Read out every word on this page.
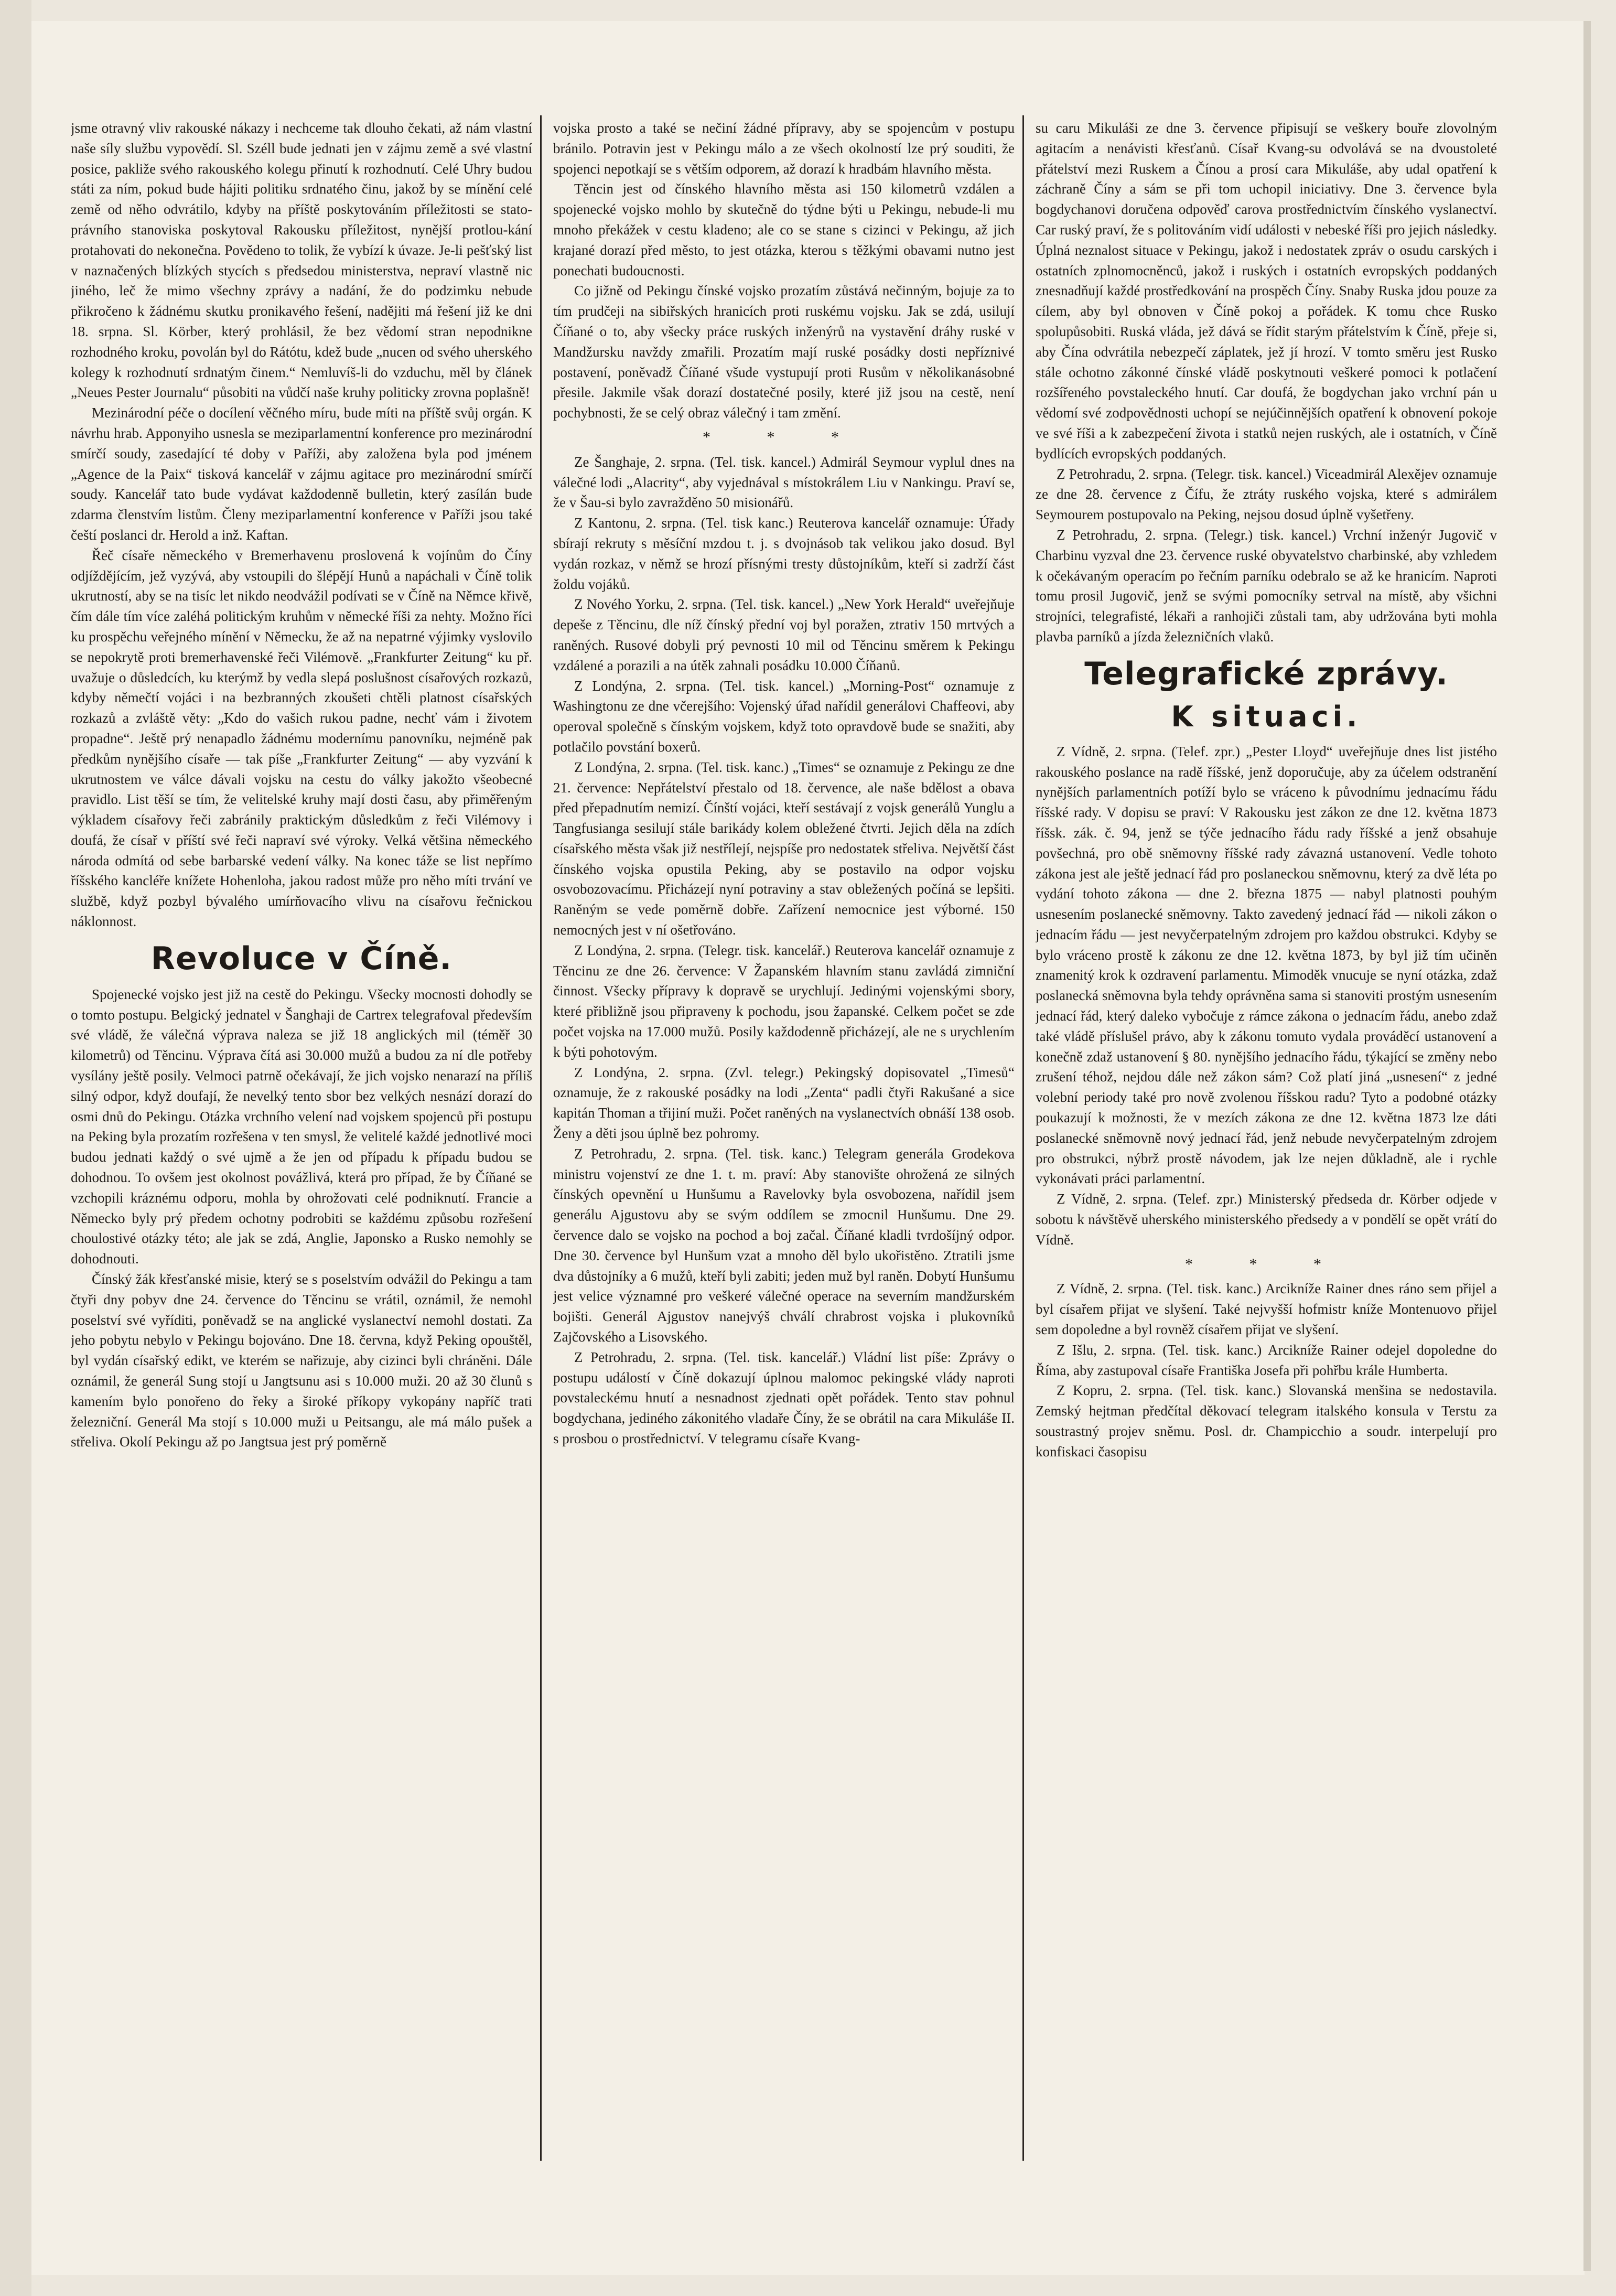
jsme otravný vliv rakouské nákazy i nechceme tak dlouho čekati, až nám vlastní naše síly službu vypovědí. Sl. Széll bude jednati jen v zájmu země a své vlastní posice, pakliže svého rakouského kolegu přinutí k rozhodnutí. Celé Uhry budou státi za ním, pokud bude hájiti politiku srdnatého činu, jakož by se mínění celé země od něho odvrátilo, kdyby na příště poskytováním příležitosti se stato-právního stanoviska poskytoval Rakousku příležitost, nynější protlou-kání protahovati do nekonečna. Povědeno to tolik, že vybízí k úvaze. Je-li pešťský list v naznačených blízkých stycích s předsedou ministerstva, nepraví vlastně nic jiného, leč že mimo všechny zprávy a nadání, že do podzimku nebude přikročeno k žádnému skutku pronikavého řešení, nadějiti má řešení již ke dni 18. srpna. Sl. Körber, který prohlásil, že bez vědomí stran nepodnikne rozhodného kroku, povolán byl do Rátótu, kdež bude „nucen od svého uherského kolegy k rozhodnutí srdnatým činem.“ Nemluvíš-li do vzduchu, měl by článek „Neues Pester Journalu“ působiti na vůdčí naše kruhy politicky zrovna poplašně!

Mezinárodní péče o docílení věčného míru, bude míti na příště svůj orgán. K návrhu hrab. Apponyiho usnesla se meziparlamentní konference pro mezinárodní smírčí soudy, zasedající té doby v Paříži, aby založena byla pod jménem „Agence de la Paix“ tisková kancelář v zájmu agitace pro mezinárodní smírčí soudy. Kancelář tato bude vydávat každodenně bulletin, který zasílán bude zdarma členstvím listům. Členy meziparlamentní konference v Paříži jsou také čeští poslanci dr. Herold a inž. Kaftan.

Řeč císaře německého v Bremerhavenu proslovená k vojínům do Číny odjíždějícím, jež vyzývá, aby vstoupili do šlépějí Hunů a napáchali v Číně tolik ukrutností, aby se na tisíc let nikdo neodvážil podívati se v Číně na Němce křivě, čím dále tím více zaléhá politickým kruhům v německé říši za nehty. Možno říci ku prospěchu veřejného mínění v Německu, že až na nepatrné výjimky vyslovilo se nepokrytě proti bremerhavenské řeči Vilémově. „Frankfurter Zeitung“ ku př. uvažuje o důsledcích, ku kterýmž by vedla slepá poslušnost císařových rozkazů, kdyby němečtí vojáci i na bezbranných zkoušeti chtěli platnost císařských rozkazů a zvláště věty: „Kdo do vašich rukou padne, nechť vám i životem propadne“. Ještě prý nenapadlo žádnému modernímu panovníku, nejméně pak předkům nynějšího císaře — tak píše „Frankfurter Zeitung“ — aby vyzvání k ukrutnostem ve válce dávali vojsku na cestu do války jakožto všeobecné pravidlo. List těší se tím, že velitelské kruhy mají dosti času, aby přiměřeným výkladem císařovy řeči zabránily praktickým důsledkům z řeči Vilémovy i doufá, že císař v příští své řeči napraví své výroky. Velká většina německého národa odmítá od sebe barbarské vedení války. Na konec táže se list nepřímo říšského kancléře knížete Hohenloha, jakou radost může pro něho míti trvání ve službě, když pozbyl bývalého umírňovacího vlivu na císařovu řečnickou náklonnost.

Revoluce v Číně.

Spojenecké vojsko jest již na cestě do Pekingu. Všecky mocnosti dohodly se o tomto postupu. Belgický jednatel v Šanghaji de Cartrex telegrafoval především své vládě, že válečná výprava naleza se již 18 anglických mil (téměř 30 kilometrů) od Těncinu. Výprava čítá asi 30.000 mužů a budou za ní dle potřeby vysílány ještě posily. Velmoci patrně očekávají, že jich vojsko nenarazí na příliš silný odpor, když doufají, že nevelký tento sbor bez velkých nesnází dorazí do osmi dnů do Pekingu. Otázka vrchního velení nad vojskem spojenců při postupu na Peking byla prozatím rozřešena v ten smysl, že velitelé každé jednotlivé moci budou jednati každý o své ujmě a že jen od případu k případu budou se dohodnou. To ovšem jest okolnost povážlivá, která pro případ, že by Číňané se vzchopili kráznému odporu, mohla by ohrožovati celé podniknutí. Francie a Německo byly prý předem ochotny podrobiti se každému způsobu rozřešení choulostivé otázky této; ale jak se zdá, Anglie, Japonsko a Rusko nemohly se dohodnouti.

Čínský žák křesťanské misie, který se s poselstvím odvážil do Pekingu a tam čtyři dny pobyv dne 24. července do Těncinu se vrátil, oznámil, že nemohl poselství své vyříditi, poněvadž se na anglické vyslanectví nemohl dostati. Za jeho pobytu nebylo v Pekingu bojováno. Dne 18. června, když Peking opouštěl, byl vydán císařský edikt, ve kterém se nařizuje, aby cizinci byli chráněni. Dále oznámil, že generál Sung stojí u Jangtsunu asi s 10.000 muži. 20 až 30 člunů s kamením bylo ponořeno do řeky a široké příkopy vykopány napříč trati železniční. Generál Ma stojí s 10.000 muži u Peitsangu, ale má málo pušek a střeliva. Okolí Pekingu až po Jangtsua jest prý poměrně

vojska prosto a také se nečiní žádné přípravy, aby se spojencům v postupu bránilo. Potravin jest v Pekingu málo a ze všech okolností lze prý souditi, že spojenci nepotkají se s větším odporem, až dorazí k hradbám hlavního města.

Těncin jest od čínského hlavního města asi 150 kilometrů vzdálen a spojenecké vojsko mohlo by skutečně do týdne býti u Pekingu, nebude-li mu mnoho překážek v cestu kladeno; ale co se stane s cizinci v Pekingu, až jich krajané dorazí před město, to jest otázka, kterou s těžkými obavami nutno jest ponechati budoucnosti.

Co jižně od Pekingu čínské vojsko prozatím zůstává nečinným, bojuje za to tím prudčeji na sibiřských hranicích proti ruskému vojsku. Jak se zdá, usilují Číňané o to, aby všecky práce ruských inženýrů na vystavění dráhy ruské v Mandžursku navždy zmařili. Prozatím mají ruské posádky dosti nepříznivé postavení, poněvadž Číňané všude vystupují proti Rusům v několikanásobné přesile. Jakmile však dorazí dostatečné posily, které již jsou na cestě, není pochybnosti, že se celý obraz válečný i tam změní.

* * *

Ze Šanghaje, 2. srpna. (Tel. tisk. kancel.) Admirál Seymour vyplul dnes na válečné lodi „Alacrity“, aby vyjednával s místokrálem Liu v Nankingu. Praví se, že v Šau-si bylo zavražděno 50 misionářů.

Z Kantonu, 2. srpna. (Tel. tisk kanc.) Reuterova kancelář oznamuje: Úřady sbírají rekruty s měsíční mzdou t. j. s dvojnásob tak velikou jako dosud. Byl vydán rozkaz, v němž se hrozí přísnými tresty důstojníkům, kteří si zadrží část žoldu vojáků.

Z Nového Yorku, 2. srpna. (Tel. tisk. kancel.) „New York Herald“ uveřejňuje depeše z Těncinu, dle níž čínský přední voj byl poražen, ztrativ 150 mrtvých a raněných. Rusové dobyli prý pevnosti 10 mil od Těncinu směrem k Pekingu vzdálené a porazili a na útěk zahnali posádku 10.000 Číňanů.

Z Londýna, 2. srpna. (Tel. tisk. kancel.) „Morning-Post“ oznamuje z Washingtonu ze dne včerejšího: Vojenský úřad nařídil generálovi Chaffeovi, aby operoval společně s čínským vojskem, když toto opravdově bude se snažiti, aby potlačilo povstání boxerů.

Z Londýna, 2. srpna. (Tel. tisk. kanc.) „Times“ se oznamuje z Pekingu ze dne 21. července: Nepřátelství přestalo od 18. července, ale naše bdělost a obava před přepadnutím nemizí. Čínští vojáci, kteří sestávají z vojsk generálů Yunglu a Tangfusianga sesilují stále barikády kolem obležené čtvrti. Jejich děla na zdích císařského města však již nestřílejí, nejspíše pro nedostatek střeliva. Největší část čínského vojska opustila Peking, aby se postavilo na odpor vojsku osvobozovacímu. Přicházejí nyní potraviny a stav obležených počíná se lepšiti. Raněným se vede poměrně dobře. Zařízení nemocnice jest výborné. 150 nemocných jest v ní ošetřováno.

Z Londýna, 2. srpna. (Telegr. tisk. kancelář.) Reuterova kancelář oznamuje z Těncinu ze dne 26. července: V Žapanském hlavním stanu zavládá zimniční činnost. Všecky přípravy k dopravě se urychlují. Jedinými vojenskými sbory, které přibližně jsou připraveny k pochodu, jsou žapanské. Celkem počet se zde počet vojska na 17.000 mužů. Posily každodenně přicházejí, ale ne s urychlením k býti pohotovým.

Z Londýna, 2. srpna. (Zvl. telegr.) Pekingský dopisovatel „Timesů“ oznamuje, že z rakouské posádky na lodi „Zenta“ padli čtyři Rakušané a sice kapitán Thoman a třijiní muži. Počet raněných na vyslanectvích obnáší 138 osob. Ženy a děti jsou úplně bez pohromy.

Z Petrohradu, 2. srpna. (Tel. tisk. kanc.) Telegram generála Grodekova ministru vojenství ze dne 1. t. m. praví: Aby stanovište ohrožená ze silných čínských opevnění u Hunšumu a Ravelovky byla osvobozena, nařídil jsem generálu Ajgustovu aby se svým oddílem se zmocnil Hunšumu. Dne 29. července dalo se vojsko na pochod a boj začal. Číňané kladli tvrdošíjný odpor. Dne 30. července byl Hunšum vzat a mnoho děl bylo ukořistěno. Ztratili jsme dva důstojníky a 6 mužů, kteří byli zabiti; jeden muž byl raněn. Dobytí Hunšumu jest velice významné pro veškeré válečné operace na severním mandžurském bojišti. Generál Ajgustov nanejvýš chválí chrabrost vojska i plukovníků Zajčovského a Lisovského.

Z Petrohradu, 2. srpna. (Tel. tisk. kancelář.) Vládní list píše: Zprávy o postupu událostí v Číně dokazují úplnou malomoc pekingské vlády naproti povstaleckému hnutí a nesnadnost zjednati opět pořádek. Tento stav pohnul bogdychana, jediného zákonitého vladaře Číny, že se obrátil na cara Mikuláše II. s prosbou o prostřednictví. V telegramu císaře Kvang-

su caru Mikuláši ze dne 3. července připisují se veškery bouře zlovolným agitacím a nenávisti křesťanů. Císař Kvang-su odvolává se na dvoustoleté přátelství mezi Ruskem a Čínou a prosí cara Mikuláše, aby udal opatření k záchraně Číny a sám se při tom uchopil iniciativy. Dne 3. července byla bogdychanovi doručena odpověď carova prostřednictvím čínského vyslanectví. Car ruský praví, že s politováním vidí události v nebeské říši pro jejich následky. Úplná neznalost situace v Pekingu, jakož i nedostatek zpráv o osudu carských i ostatních zplnomocněnců, jakož i ruských i ostatních evropských poddaných znesnadňují každé prostředkování na prospěch Číny. Snaby Ruska jdou pouze za cílem, aby byl obnoven v Číně pokoj a pořádek. K tomu chce Rusko spolupůsobiti. Ruská vláda, jež dává se řídit starým přátelstvím k Číně, přeje si, aby Čína odvrátila nebezpečí záplatek, jež jí hrozí. V tomto směru jest Rusko stále ochotno zákonné čínské vládě poskytnouti veškeré pomoci k potlačení rozšířeného povstaleckého hnutí. Car doufá, že bogdychan jako vrchní pán u vědomí své zodpovědnosti uchopí se nejúčinnějších opatření k obnovení pokoje ve své říši a k zabezpečení života i statků nejen ruských, ale i ostatních, v Číně bydlících evropských poddaných.

Z Petrohradu, 2. srpna. (Telegr. tisk. kancel.) Viceadmirál Alexějev oznamuje ze dne 28. července z Čífu, že ztráty ruského vojska, které s admirálem Seymourem postupovalo na Peking, nejsou dosud úplně vyšetřeny.

Z Petrohradu, 2. srpna. (Telegr.) tisk. kancel.) Vrchní inženýr Jugovič v Charbinu vyzval dne 23. července ruské obyvatelstvo charbinské, aby vzhledem k očekávaným operacím po řečním parníku odebralo se až ke hranicím. Naproti tomu prosil Jugovič, jenž se svými pomocníky setrval na místě, aby všichni strojníci, telegrafisté, lékaři a ranhojiči zůstali tam, aby udržována byti mohla plavba parníků a jízda železničních vlaků.

Telegrafické zprávy.
K situaci.

Z Vídně, 2. srpna. (Telef. zpr.) „Pester Lloyd“ uveřejňuje dnes list jistého rakouského poslance na radě říšské, jenž doporučuje, aby za účelem odstranění nynějších parlamentních potíží bylo se vráceno k původnímu jednacímu řádu říšské rady. V dopisu se praví: V Rakousku jest zákon ze dne 12. května 1873 říšsk. zák. č. 94, jenž se týče jednacího řádu rady říšské a jenž obsahuje povšechná, pro obě sněmovny říšské rady závazná ustanovení. Vedle tohoto zákona jest ale ještě jednací řád pro poslaneckou sněmovnu, který za dvě léta po vydání tohoto zákona — dne 2. března 1875 — nabyl platnosti pouhým usnesením poslanecké sněmovny. Takto zavedený jednací řád — nikoli zákon o jednacím řádu — jest nevyčerpatelným zdrojem pro každou obstrukci. Kdyby se bylo vráceno prostě k zákonu ze dne 12. května 1873, by byl již tím učiněn znamenitý krok k ozdravení parlamentu. Mimoděk vnucuje se nyní otázka, zdaž poslanecká sněmovna byla tehdy oprávněna sama si stanoviti prostým usnesením jednací řád, který daleko vybočuje z rámce zákona o jednacím řádu, anebo zdaž také vládě příslušel právo, aby k zákonu tomuto vydala prováděcí ustanovení a konečně zdaž ustanovení § 80. nynějšího jednacího řádu, týkající se změny nebo zrušení téhož, nejdou dále než zákon sám? Což platí jiná „usnesení“ z jedné volební periody také pro nově zvolenou říšskou radu? Tyto a podobné otázky poukazují k možnosti, že v mezích zákona ze dne 12. května 1873 lze dáti poslanecké sněmovně nový jednací řád, jenž nebude nevyčerpatelným zdrojem pro obstrukci, nýbrž prostě návodem, jak lze nejen důkladně, ale i rychle vykonávati práci parlamentní.

Z Vídně, 2. srpna. (Telef. zpr.) Ministerský předseda dr. Körber odjede v sobotu k návštěvě uherského ministerského předsedy a v pondělí se opět vrátí do Vídně.

* * *

Z Vídně, 2. srpna. (Tel. tisk. kanc.) Arcikníže Rainer dnes ráno sem přijel a byl císařem přijat ve slyšení. Také nejvyšší hofmistr kníže Montenuovo přijel sem dopoledne a byl rovněž císařem přijat ve slyšení.

Z Išlu, 2. srpna. (Tel. tisk. kanc.) Arcikníže Rainer odejel dopoledne do Říma, aby zastupoval císaře Františka Josefa při pohřbu krále Humberta.

Z Kopru, 2. srpna. (Tel. tisk. kanc.) Slovanská menšina se nedostavila. Zemský hejtman předčítal děkovací telegram italského konsula v Terstu za soustrastný projev sněmu. Posl. dr. Champicchio a soudr. interpelují pro konfiskaci časopisu
